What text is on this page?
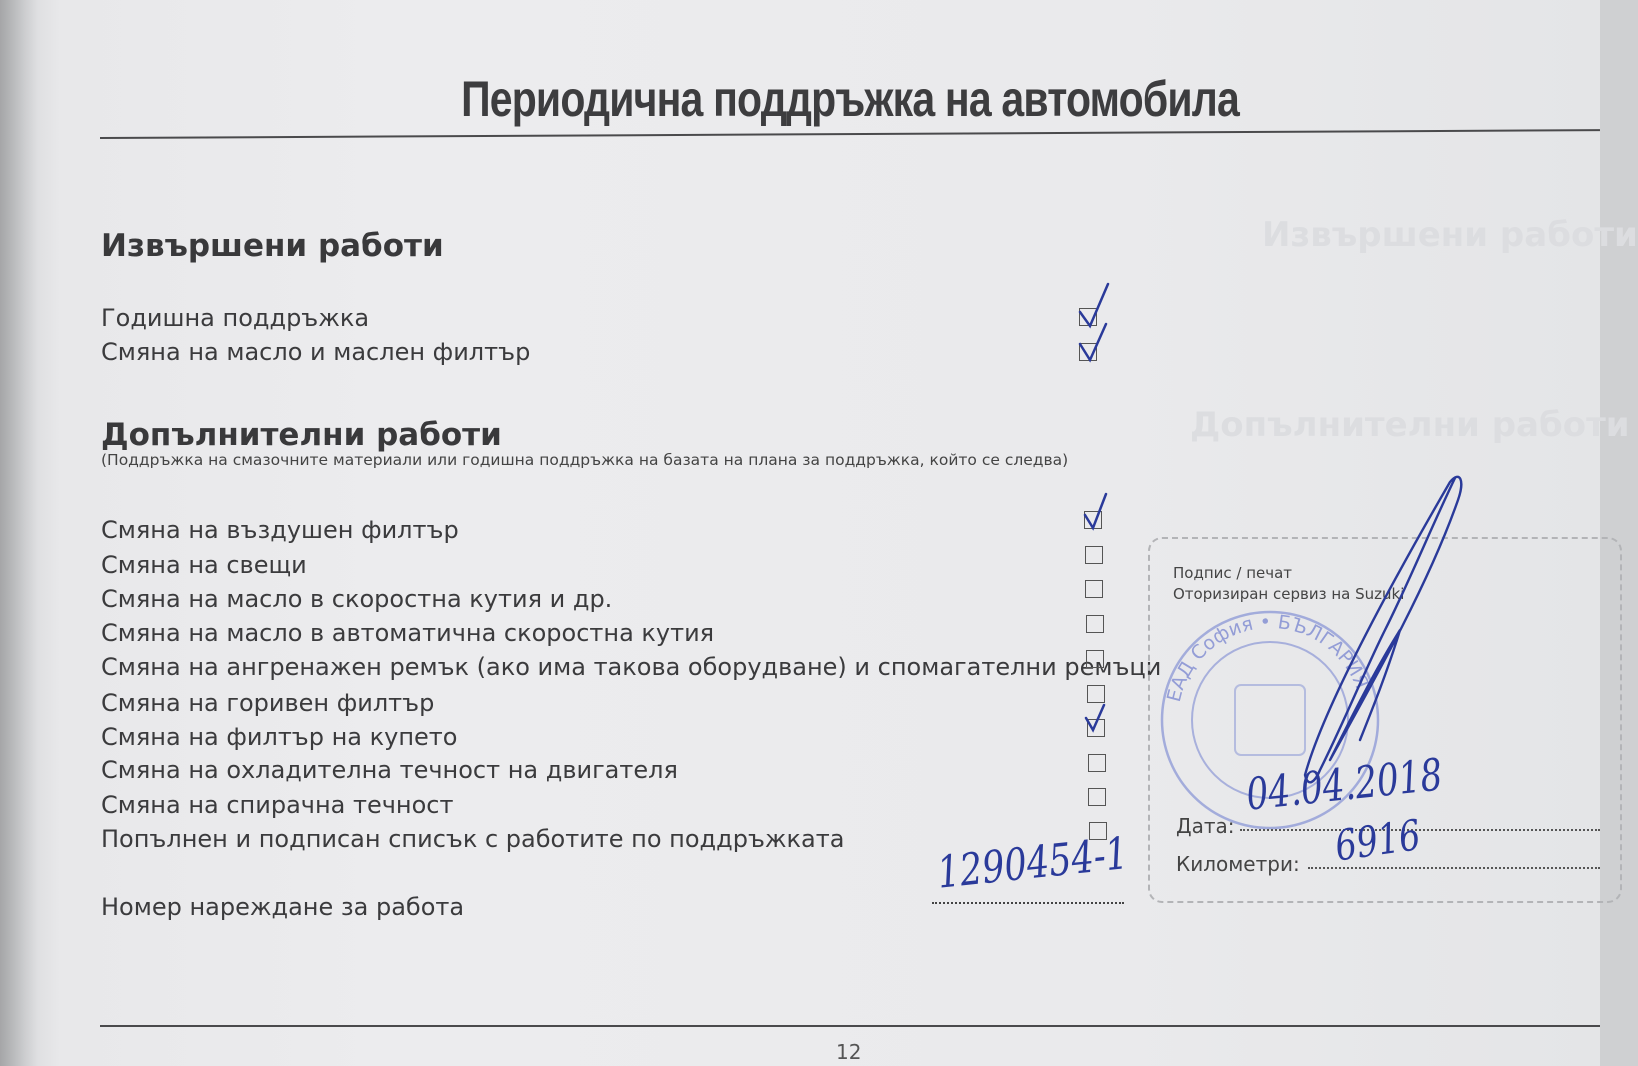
Извършени работи
Допълнителни работи
Периодична поддръжка на автомобила
Извършени работи
Годишна поддръжка
Смяна на масло и маслен филтър
Допълнителни работи
(Поддръжка на смазочните материали или годишна поддръжка на базата на плана за поддръжка, който се следва)
Смяна на въздушен филтър
Смяна на свещи
Смяна на масло в скоростна кутия и др.
Смяна на масло в автоматична скоростна кутия
Смяна на ангренажен ремък (ако има такова оборудване) и спомагателни ремъци
Смяна на горивен филтър
Смяна на филтър на купето
Смяна на охладителна течност на двигателя
Смяна на спирачна течност
Попълнен и подписан списък с работите по поддръжката
Номер нареждане за работа
1290454-1
Подпис / печат
Оторизиран сервиз на Suzuki
ЕАД София • БЪЛГАРИЯ
Дата:
04.04.2018
Километри: 6916
12
